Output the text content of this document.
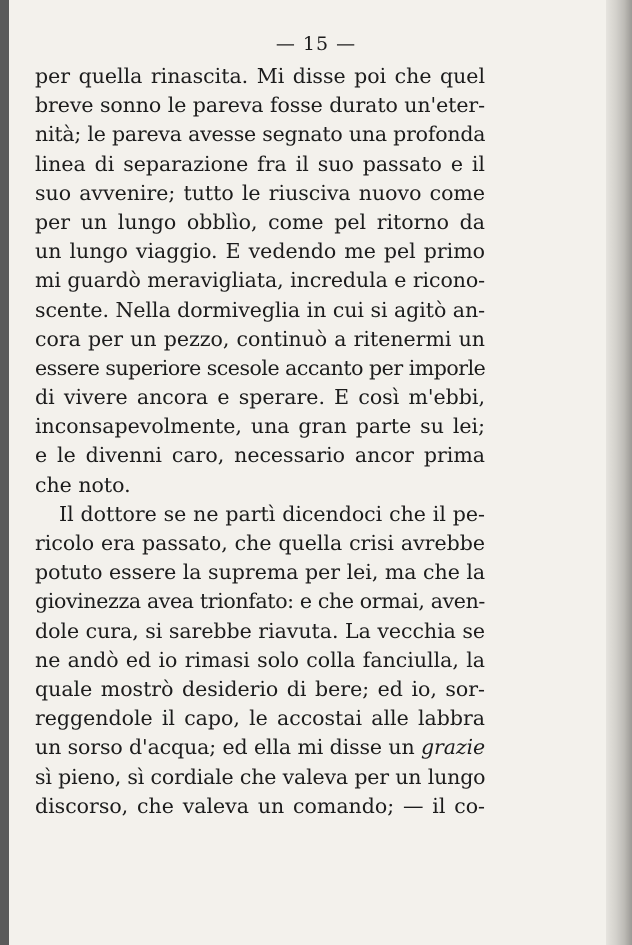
— 15 —
per quella rinascita. Mi disse poi che quel
breve sonno le pareva fosse durato un'eter-
nità; le pareva avesse segnato una profonda
linea di separazione fra il suo passato e il
suo avvenire; tutto le riusciva nuovo come
per un lungo obblìo, come pel ritorno da
un lungo viaggio. E vedendo me pel primo
mi guardò meravigliata, incredula e ricono-
scente. Nella dormiveglia in cui si agitò an-
cora per un pezzo, continuò a ritenermi un
essere superiore scesole accanto per imporle
di vivere ancora e sperare. E così m'ebbi,
inconsapevolmente, una gran parte su lei;
e le divenni caro, necessario ancor prima
che noto.
Il dottore se ne partì dicendoci che il pe-
ricolo era passato, che quella crisi avrebbe
potuto essere la suprema per lei, ma che la
giovinezza avea trionfato: e che ormai, aven-
dole cura, si sarebbe riavuta. La vecchia se
ne andò ed io rimasi solo colla fanciulla, la
quale mostrò desiderio di bere; ed io, sor-
reggendole il capo, le accostai alle labbra
un sorso d'acqua; ed ella mi disse un grazie
sì pieno, sì cordiale che valeva per un lungo
discorso, che valeva un comando; — il co-
